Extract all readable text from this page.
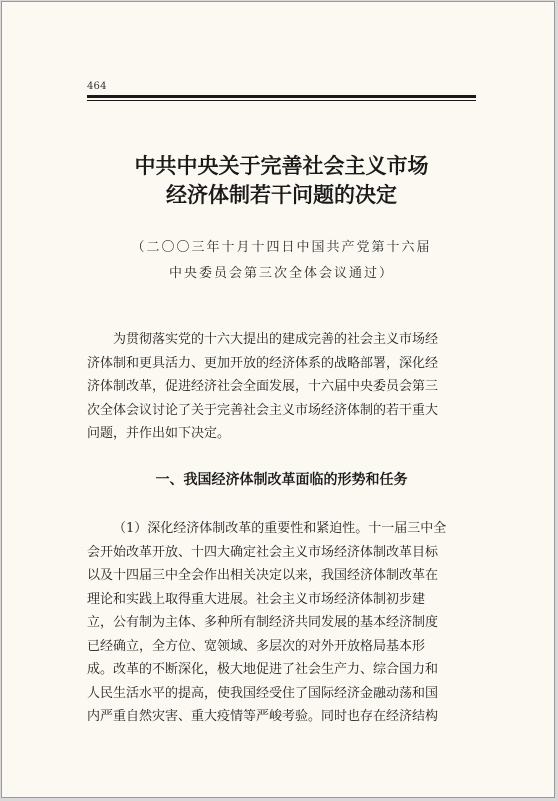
464
中共中央关于完善社会主义市场
经济体制若干问题的决定
（二〇〇三年十月十四日中国共产党第十六届
中央委员会第三次全体会议通过）
为贯彻落实党的十六大提出的建成完善的社会主义市场经
济体制和更具活力、更加开放的经济体系的战略部署，深化经
济体制改革，促进经济社会全面发展，十六届中央委员会第三
次全体会议讨论了关于完善社会主义市场经济体制的若干重大
问题，并作出如下决定。
一、我国经济体制改革面临的形势和任务
（1）深化经济体制改革的重要性和紧迫性。十一届三中全
会开始改革开放、十四大确定社会主义市场经济体制改革目标
以及十四届三中全会作出相关决定以来，我国经济体制改革在
理论和实践上取得重大进展。社会主义市场经济体制初步建
立，公有制为主体、多种所有制经济共同发展的基本经济制度
已经确立，全方位、宽领域、多层次的对外开放格局基本形
成。改革的不断深化，极大地促进了社会生产力、综合国力和
人民生活水平的提高，使我国经受住了国际经济金融动荡和国
内严重自然灾害、重大疫情等严峻考验。同时也存在经济结构
